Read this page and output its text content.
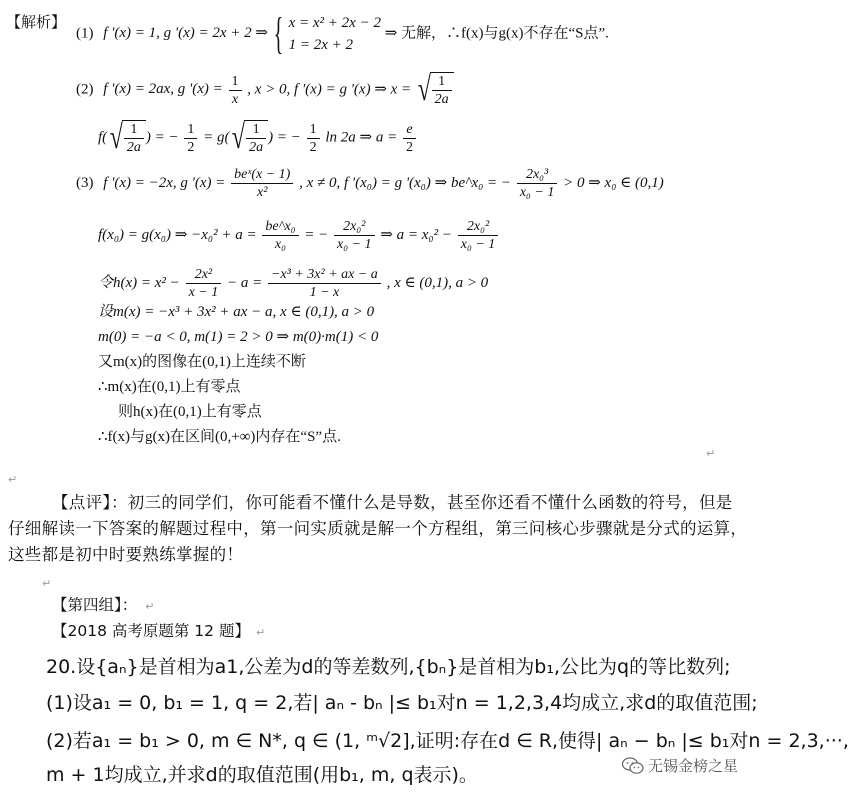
【解析】
(1) f '(x) = 1, g '(x) = 2x + 2 ⇒ { x = x² + 2x − 2
1 = 2x + 2
⇒ 无解，∴f(x)与g(x)不存在“S点”.
(2) f '(x) = 2ax, g '$(x) = \frac{1}{x}$ , x > 0, f '(x) = g '(x) ⇒ x = √ $\frac{1}{2a}$
$f(√ \frac{1}{2a}$ ) = − $\frac{1}{2} = g(√ \frac{1}{2a}$ ) = − $\frac{1}{2}$ ln 2a ⇒ $a = \frac{e}{2}$
(3) f '(x) = −2x, g '$(x) = \frac{\text{beˣ(x − 1)}}{\text{x²}}$ , x ≠ 0, f '(x₀) = g '(x₀) ⇒ be^x₀ = − $\frac{\text{2x₀³}}{\text{x₀ − 1}} > 0$ ⇒ x₀ ∈ (0,1)
f(x₀) = g(x₀) ⇒ $-x_0^2 + a = \frac{\text{be\textasciicircum{}x₀}}{\text{x₀}}$ = − $\frac{\text{2x₀²}}{\text{x₀ − 1}}$ ⇒ $a = x_0^2 - \frac{\text{2x₀²}}{\text{x₀ − 1}}$
令$h(x) = x^2 - \frac{\text{2x²}}{x - 1} - a = \frac{\text{−x³ + 3x² + ax − a}}{1 - x}$ , x ∈ (0,1), a > 0
设m(x) = −x³ + 3x² + ax − a, x ∈ (0,1), a > 0
m(0) = −a < 0, m(1) = 2 > 0 ⇒ m(0)·m(1) < 0
又m(x)的图像在(0,1)上连续不断
∴m(x)在(0,1)上有零点
则h(x)在(0,1)上有零点
∴f(x)与g(x)在区间(0,+∞)内存在“S”点.
↵
↵
【点评】：初三的同学们，你可能看不懂什么是导数，甚至你还看不懂什么函数的符号，但是仔细解读一下答案的解题过程中，第一问实质就是解一个方程组，第三问核心步骤就是分式的运算，这些都是初中时要熟练掌握的！
↵
【第四组】： ↵
【2018 高考原题第 12 题】 ↵
20.设{aₙ}是首相为a1,公差为d的等差数列,{bₙ}是首相为b₁,公比为q的等比数列;
(1)设a₁ = 0, b₁ = 1, q = 2,若| aₙ - bₙ |≤ b₁对n = 1,2,3,4均成立,求d的取值范围;
(2)若a₁ = b₁ > 0, m ∈ N*, q ∈ (1, ᵐ√2],证明:存在d ∈ R,使得| aₙ − bₙ |≤ b₁对n = 2,3,···,
m + 1均成立,并求d的取值范围(用b₁, m, q表示)。	无锡金榜之星
